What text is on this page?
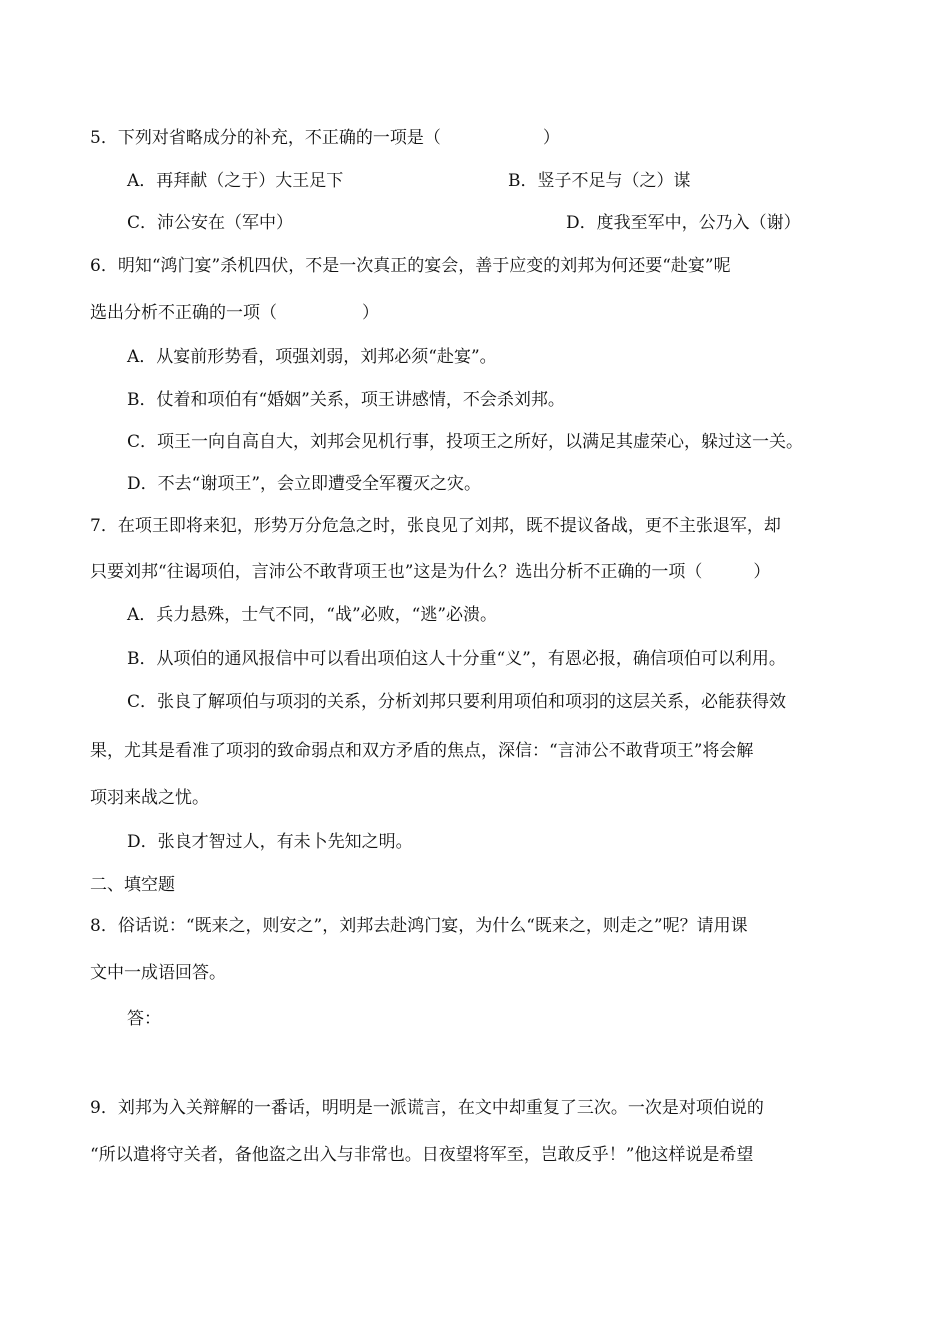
5．下列对省略成分的补充，不正确的一项是（　　　　　　）
A．再拜献（之于）大王足下	B．竖子不足与（之）谋
C．沛公安在（军中）	D．度我至军中，公乃入（谢）
6．明知“鸿门宴”杀机四伏，不是一次真正的宴会，善于应变的刘邦为何还要“赴宴”呢
选出分析不正确的一项（　　　　　）
A．从宴前形势看，项强刘弱，刘邦必须“赴宴”。
B．仗着和项伯有“婚姻”关系，项王讲感情，不会杀刘邦。
C．项王一向自高自大，刘邦会见机行事，投项王之所好，以满足其虚荣心，躲过这一关。
D．不去“谢项王”，会立即遭受全军覆灭之灾。
7．在项王即将来犯，形势万分危急之时，张良见了刘邦，既不提议备战，更不主张退军，却
只要刘邦“往谒项伯，言沛公不敢背项王也”这是为什么？选出分析不正确的一项（　　　）
A．兵力悬殊，士气不同，“战”必败，“逃”必溃。
B．从项伯的通风报信中可以看出项伯这人十分重“义”，有恩必报，确信项伯可以利用。
C．张良了解项伯与项羽的关系，分析刘邦只要利用项伯和项羽的这层关系，必能获得效
果，尤其是看准了项羽的致命弱点和双方矛盾的焦点，深信：“言沛公不敢背项王”将会解
项羽来战之忧。
D．张良才智过人，有未卜先知之明。
二、填空题
8．俗话说：“既来之，则安之”，刘邦去赴鸿门宴，为什么“既来之，则走之”呢？请用课
文中一成语回答。
答：
9．刘邦为入关辩解的一番话，明明是一派谎言，在文中却重复了三次。一次是对项伯说的
“所以遣将守关者，备他盗之出入与非常也。日夜望将军至，岂敢反乎！”他这样说是希望
